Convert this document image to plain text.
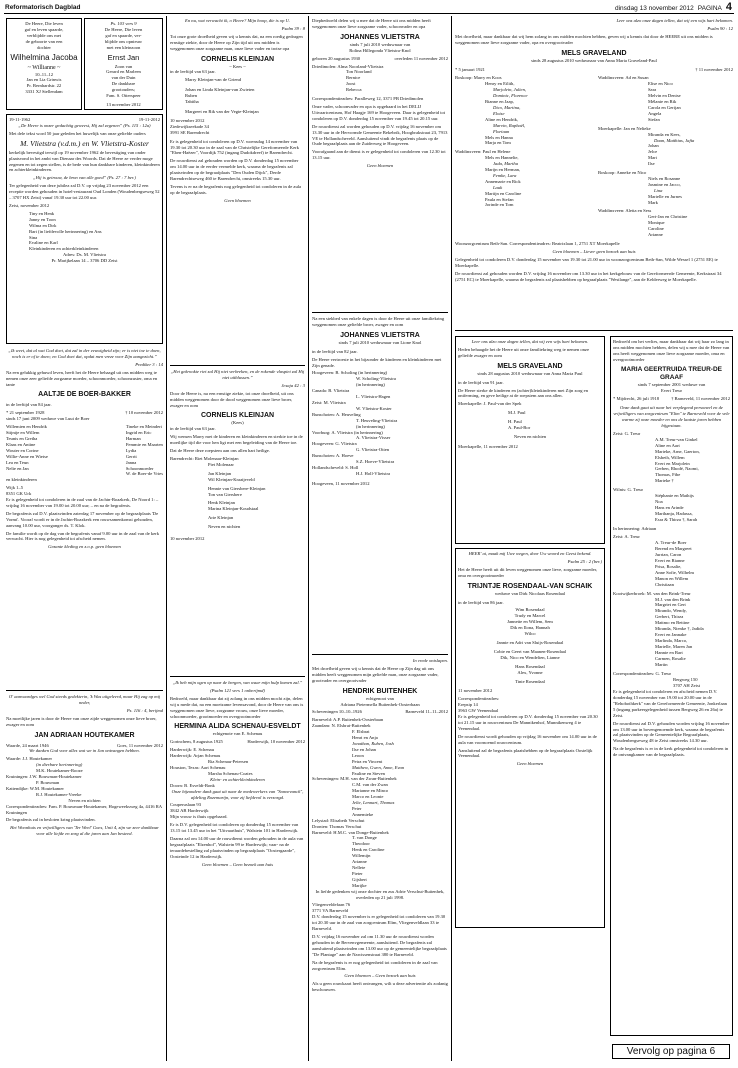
Reformatorisch Dagblad	dinsdag 13 november 2012 PAGINA 4
De Heere, Die leven
gaf en leven spaarde,
verblijdde ons met
de geboorte van een
dochter
Wilhelmina Jacoba
~ Willianne ~
10–11–12
Jan en Lia Grinwis
Pr. Bernhardstr. 22
3331 XJ Stellendam
Ps. 103 vers 9
De Heere, Die leven
gaf en spaarde, ver-
blijdde ons opnieuw
met een kleinzoon
Ernst Jan
Zoon van
Gerard en Marleen
van der Duin
De dankbare
grootouders;
Fam. S. Otterspeer
13 november 2012
19-11-1962	19-11-2012

„De Heere is onzer gedachtig geweest, Hij zal zegenen” (Ps. 115 : 12a)

Met dele tekst word 50 jaar geleden het huwelijk van onze geliefde ouders

M. Vlietstra (v.d.m.) en W. Vlietstra-Koster

kerkelijk bevestigd terwijl op 19 november 1962 de bevestiging van onder plaatsvond in het ambt van Dienaar des Woords. Dat de Heere ze verder moge zegenen en tot zegen stellen, is de bede van hun dankbare kinderen, kleinkinderen en achterkleinkinderen.

„Hij is getrouw, de bron van alle goed” (Ps. 27 : 7 ber.)

Ter gelegenheid van deze jubilea zal D.V. op vrijdag 23 november 2012 een receptie worden gehouden in hotel-restaurant Oud Londen (Woudenbergseweg 52 – 3707 HX Zeist) vanaf 19.30 uur tot 22.00 uur.

Zeist, november 2012

Tiny en Henk
Janny en Toon
Wilma en Dirk
Bart (in liefdevolle herinnering) en Ans
Sina
Evaline en Karl
Kleinkinderen en achterkleinkinderen
Adres: Ds. M. Vlietstra
Pr. Marijkelaan 14 – 3706 DD Zeist

„Ik weet, dat al wat God doet, dat zal in der eeuwigheid zijn; er is niet toe te doen, noch is er of te doen; en God doet dat, opdat men vreze voor Zijn aangezicht.”

Prediker 3 : 14

Na een gelukkig gehuwd leven, heeft het de Heere behaagd uit ons midden weg te nemen onze zeer geliefde zorgzame moeder, schoonmoeder, schoonzuster, oma en tante

AALTJE DE BOER-BAKKER

in de leeftijd van 84 jaar.

* 21 september 1928	† 10 november 2012

sinds 17 juni 2009 weduwe van Luut de Boer

Willemien en Hendrik
Stijntje en Willem
Teunis en Gretha
Klaas en Antine
Wouter en Corine
Willie-Anne en Wietse
Lea en Teun
Nelie en Jan
Tineke en Meindert
Ingrid en Eric
Harman
Femmie en Maarten
Lydia
Gerrit
Janna
Schoonmoeder
W. de Boer-de Vries

en kleinkinderen

Wijk 1–5
8351 GK Urk

Er is gelegenheid tot condoleren in de zaal van de Jachin-Boazkerk, De Noord 1: – vrijdag 16 november van 19.00 tot 20.00 uur; – en na de begrafenis.

De begrafenis zal D.V. plaatsvinden zaterdag 17 november op de begraafplaats 'De Vormt'. Vooraf wordt er in de Jachin-Boazkerk een rouwsamenkomst gehouden, aanvang 10.00 uur, voorganger ds. T. Klok.

De familie wordt op de dag van de begrafenis vanaf 9.00 uur in de zaal van de kerk verwacht. Hier is nog gelegenheid tot afscheid nemen.

Gezante kleding en z.o.p. geen bloemen

O' aanvaardges wel God steeds gedekterin, 'k Was uitgeleerd, maar Hij zag op mij neder,

Ps. 116 : 4, berijmd

Na moeilijke jaren is door de Heere van onze zijde weggenomen onze lieve broer, zwager en oom

JAN ADRIAAN HOUTEKAMER
Waarde, 24 maart 1946	Goes, 11 november 2012

We danken God voor alles wat we in Jan ontvangen hebben.

Waarde: J.J. Houtekamer
(in dierbare herinnering)
M.K. Houtekamer-Rooze
Kruiningen: J.W. Bouwman-Houtekamer
P. Bouwman
Kattendijke: W.M. Houtekamer
R.J. Houtekamer-Vreeke
Neven en nichten

Correspondentieadres: Fam. P. Bouwman-Houtekamer, Hogeweeksweg 4a, 4416 RA Kruiningen

De begrafenis zal in besloten kring plaatsvinden.

Het Woonhuis en vrijwilligers van 'Ter Weel' Goes, Unit 4, zijn we zeer dankbaar voor alle liefde en zorg al die jaren aan Jan besteed.

En nu, wat verwacht ik, o Heere? Mijn hoop, die is op U.

Psalm 39 : 8

Tot onze grote droefheid geven wij u kennis dat, na een roedig gedragen ernstige ziekte, door de Heere op Zijn tijd uit ons midden is weggenomen onze zorgzame man, onze lieve vader en trotse opa

CORNELIS KLEINJAN
~ Kees ~

in de leeftijd van 63 jaar.

Marry Kleinjan-van de Griend
Johan en Linda Kleinjan-van Zwieten
Ruben
Tabitha
Margreet en Rik van der Vegte-Kleinjan
10 november 2012
Ziedewijkseekade 34
3991 SE Barendrecht

Er is gelegenheid tot condoleren op D.V. woensdag 14 november van 19.30 tot 20.30 uur in de zaal van de Christelijke Gereformeerde Kerk "Eben-Haëzer", Voordijk 752 (ingang Dudokdreef) te Barendrecht.

De rouwdienst zal gehouden worden op D.V. donderdag 15 november om 14.00 uur in de eerder vermelde kerk, waarna de begrafenis zal plaatsvinden op de begraafplaats "Den Ouden Dijck", Derde Barendrechtseweg 460 te Barendrecht, omstreeks 15.30 uur.

Tevens is er na de begrafenis nog gelegenheid tot condoleren in de aula op de begraafplaats.

Geen bloemen

„Het gekrookte riet zal Hij niet verbreken, en de rokende vlaspiet zal Hij niet uitblussen.”

Jesaja 42 : 3

Door de Heere is, na een ernstige ziekte, tot onze droefheid, uit ons midden weggenomen door de dood weggenomen onze lieve broer, zwager en oom

CORNELIS KLEINJAN
(Kees)

in de leeftijd van 63 jaar.

Wij wensen Marry met de kinderen en kleinkinderen en sterkte toe in de moeilijke tijd die voor hen ligt met een begeleiding van de Heere toe.

Dat de Heere deze roepstem aan ons allen hart heilige.

Barendrecht: Riet Molenaar-Kleinjan
Piet Molenaar
Jan Kleinjan
Wil Kleinjan-Kraaijeveld
Hennie van Giersbere-Kleinjan
Ton van Giersbere
Henk Kleinjan
Marina Kleinjan-Koudstaal
Arie Kleinjan
Neven en nichten

10 november 2012

„Ik heb mijn ogen op naar de bergen, van waar mijn hulp komen zal.”

(Psalm 121 vers 1 onberijmd)

Bedroefd, maar dankbaar dat zij zolang in ons midden mocht zijn, delen wij u mede dat, na een moeizame levensavond, door de Heere van ons is weggenomen onze lieve, zorgzame vrouw, onze lieve moeder, schoonmoeder, grootmoeder en overgrootmoeder

HERMINA ALIDA SCHENAU-ESVELDT
echtgenote van E. Schenau
Gorinchem, 8 augustus 1925	Harderwijk, 10 november 2012
Harderwijk: E. Schenau
Harderwijk: Arjan Schenau
Ria Schenau-Petersen
Houston, Texas: Aart Schenau
Marsha Schenau-Coates
Klein- en achterkleinkinderen
Doorn: B. Esveldt-Bonk

Onze bijzondere dank gaat uit naar de medewerkers van "Sonnevanck", afdeling Rozemarijn, voor zij liefdevol is verzorgd.

Couperuslaan 93
3842 AB Harderwijk

Mijn vrouw is thuis opgebaard.

Er is D.V. gelegenheid tot condoleren op donderdag 15 november van 13.15 tot 13.45 uur in het "Uitvaarthuis", Walstein 101 in Harderwijk.

Daarna zal om 14.00 uur de rouwdienst worden gehouden in de aula van begraafplaats "Elzenhof", Walstein 99 te Harderwijk; vaar- na de teraardebestelling zal plaatsvinden op begraafplaats "Oostergaarde", Oosteinde 12 in Harderwijk.

Geen bloemen – Geen bezoek aan huis

Diepbedroefd delen wij u mee dat de Heere uit ons midden heeft weggenomen onze lieve zorgzame vader, schoonvader en opa

JOHANNES VLIETSTRA
sinds 7 juli 2010 weduwnaar van
Rolina Hillegonda Vlietstra-Knol
geboren 20 augustus 1930	overleden 11 november 2012
Driedimolen: Alma Noorland-Vlietstra
Ton Noorland
Bernice
Joost
Rebecca

Correspondentieadres: Paralleweg 12, 3371 PB Driedimolen

Onze vader, schoonvader en opa is opgebaard in het DELIJ Uitvaartcentrum, Hof Haagje 169 te Hoogeveen. Daar is gelegenheid tot condoleren op D.V. donderdag 15 november van 19.45 tot 20.15 uur.

De rouwdienst zal worden gehouden op D.V. vrijdag 16 november om 13.30 uur in de Hervormde Gemeente Bekebrik, Hoogbrakstraat 23, 7913 VE te Hollandscheveld. Aansluitend vindt de begrafenis plaats op de Oude begraafplaats aan de Zuiderweg te Hoogeveen.

Voorafgaand aan de dienst is er gelegenheid tot condoleren van 12.30 tot 13.15 uur.

Geen bloemen

Na een stekbed van enkele dagen is door de Heere uit onze familiekring weggenomen onze geliefde broer, zwager en oom

JOHANNES VLIETSTRA
sinds 7 juli 2010 weduwnaar van Lione Knol

in de leeftijd van 82 jaar.

De Heere vertroeste in het bijzonder de kinderen en kleinkinderen met Zijn genade.

Hoogeveen: B. Scholing (in herinnering)
W. Scholing-Vlietstra
(in herinnering)
Canada: B. Vlietstra
L. Vlietstra-Hagen
Zeist: M. Vlietstra
W. Vlietstra-Koster
Bunschoten: A. Heuveling
T. Heuveling-Vlietstra
(in herinnering)
Voorburg: A. Vlietstra (in herinnering)
A. Vlietstra-Visser
Hoogeveen: G. Vlietstra
G. Vlietstra-Otten
Bunschoten: A. Hoeve
S.Z. Hoeve-Vlietstra
Hollandscheveld: S. Holl
H.J. Holl-Vlietstra

Hoogeveen, 11 november 2012

In vrede ontslapen.

Met droefheid geven wij u kennis dat de Heere op Zijn dag uit ons midden heeft weggenomen mijn geliefde man, onze zorgzame vader, grootvader en overgrootvader

HENDRIK BUITENHEK
echtgenoot van
Adriana Pietermella Buitenhek-Oosterbaan
Scheveningen 10–10–1926	Barneveld 11–11–2012
Barneveld: A.P. Buitenhek-Oosterbaan
Zaandam: N. Elsbrat-Buitenhek
F. Elsbrat
Henri en Anja
Jonathan, Ruben, Josh
Ilse en Johan
Leoon
Petra en Vincent
Matthew, Gwen, Anne, Evan
Pauline en Steven
Scheveningen: M.H. van der Zwan-Buitenhek
C.M. van der Zwan
Marianne en Minco
Marco en Leonie
Jelte, Lennart, Thomas
Peter
Annemieke
Lelystad: Elisabeth Verschut
Dronten: Thomas Verschut
Barneveld: H.M.C. van Donge-Buitenhek
T. van Donge
Theodoor
Henk en Caroline
Willemijn
Arianne
Nellete
Pieter
Gijsbert
Marijke

In liefde gedenken wij onze dochter en zus Adrie Verschut-Buitenhek, overleden op 21 juli 1998.

Vliegenveldefaan 76
3771 VA Barneveld

D.V. donderdag 15 november is er gelegenheid tot condoleren van 19.30 tot 20.30 uur in de zaal van zorgcentrum Elim, Vliegenveldlaan 33 te Barneveld.

D.V. vrijdag 16 november zal om 11.30 uur de rouwdienst worden gehouden in de Bervenvgemeente, aansluitend. De begrafenis zal aansluitend plaatsvinden om 13.00 uur op de gemeentelijke begraafplaats "De Plantage" aan de Narcissenstraat 380 te Barneveld.

Na de begrafenis is er nog gelegenheid tot condoleren in de zaal van zorgcentrum Elim.

Geen bloemen – Geen bezoek aan huis

Als u geen rouwkaart heeft ontvangen, wilt u deze advertentie als zodanig beschouwen.

Leer ons alzo onze dagen tellen, dat wij een wijs hart bekomen.

Psalm 90 : 12

Met droefheid, maar dankbaar dat wij hem zolang in ons midden mochten hebben, geven wij u kennis dat door de HEERE uit ons midden is weggenomen onze lieve zorgzame vader, opa en overgrootvader

MELS GRAVELAND
sinds 28 augustus 2010 weduwnaar van Anna Maria Graveland-Paul
* 5 januari 1921	† 11 november 2012
Boskoop: Marry en Koos
Henry en Eilith,
Marjolein, Julien,
Dominic, Florence
Bianne en Jaap,
Dico, Martina,
Eloise
Aline en Hendrik,
Marvin, Raphaël,
Floriaan
Mels en Hanna
Marja en Tom
Waddinxveen: Paul en Helene
Mels en Hannelie,
Jada, Martha
Marijn en Herman,
Femke, Lara
Annemarie en Rick
Lauk
Martijn en Caroline
Paula en Stefan
Jorinde en Tom
Waddinxveen: Ad en Susan
Elise en Nico
Sara
Melvin en Denise
Mélanie en Rik
Carola en Gerijan
Angela
Stefan
Moerkapelle: Jan en Nelieke
Miranda en Kees,
Daan, Matthias, Jafta
Johan
Jelce
Mart
Ilse
Boskoop: Anneke en Nico
Niels en Rosanne
Jasmine en Jacco,
Lina
Marielle en Jurnes
Mark
Waddinxveen: Aletta en Sess
Gert-Jan en Christine
Monique
Caroline
Arianne

Woonzorgcentrum Beth-San. Correspondentieadres: Beatrixlaan 1, 2751 XT Moerkapelle

Geen bloemen – Liever geen bezoek aan huis

Gelegenheid tot condoleren D.V. donderdag 15 november van 19.30 tot 21.00 uur in woonzorgcentrum Beth-San, Wilde Wessel 1 (2751 EE) te Moerkapelle.

De rouwdienst zal gehouden worden D.V. vrijdag 16 november om 13.30 uur in het kerkgebouw van de Gereformeerde Gemeente, Kerkstraat 34 (2751 EC) te Moerkapelle, waarna de begrafenis zal plaatshebben op begraafplaats "Westlange", aan de Kelderweg te Moerkapelle.

Leer ons alzo onze dagen tellen, dat wij een wijs hart bekomen.

Heden behaagde het de Heere uit onze familiekring weg te nemen onze geliefde zwager en oom

MELS GRAVELAND
sinds 28 augustus 2010 weduwnaar van Anna Maria Paul

in de leeftijd van 91 jaar.

De Heere sterke de kinderen en (achter)kleinkinderen met Zijn zorg en ontferming, en geve heilige at de roepstem aan ons allen.

Moerkapelle: J. Paul-van der Spek
M.J. Paul
H. Paul
A. Paul-Bor
Neven en nichten

Moerkapelle, 11 november 2012

HEER' ai, maak mij Uwe wegen, door Uw woord en Geest bekend.

Psalm 25 : 2 (ber.)

Het de Heere heeft uit dit leven weggenomen onze lieve, zorgzame moeder, oma en overgrootmoeder

TRIJNTJE ROSENDAAL-VAN SCHAIK
weduwe van Dirk Nicolaas Rosendaal

in de leeftijd van 86 jaar.

Wim Rosendaal
Trudy en Marcel
Jannette en Willem, Sem
Dik en Ilona, Hannah
Wilco
Jannie en Adri van Sluijs-Rosendaal
Cobie en Geert van Maanen-Rosendaal
Dik, Nico en Wendelien, Lianne
Hans Rosendaal
Alex, Yvonne
Tinie Rosendaal

11 november 2012

Correspondentieadres:
Erepsip 14
3963 GW Veenendaal

Er is gelegenheid tot condoleren op D.V. donderdag 15 november van 20.30 tot 21.15 uur in rouwcentrum De Mannikenhof, Munnikenweg 4 te Veenendaal.

De rouwdienst wordt gehouden op vrijdag 16 november om 14.00 uur in de aula van voornoemd rouwcentrum.

Aansluitend zal de begrafenis plaatshebben op de begraafplaats Oostelijk Veenendaal.

Geen bloemen

Bedroefd om het verlies, maar dankbaar dat wij haar zo lang in ons midden mochten hebben, delen wij u mee dat de Heere van ons heeft weggenomen onze lieve zorgzame moeder, oma en overgrootmoeder

MARIA GEERTRUIDA TREUR-DE GRAAF
sinds 7 september 2001 weduwe van
Evert Treur
* Mijdrecht, 26 juli 1918	† Barneveld, 11 november 2012

Onze dank gaat uit naar het verplegend personeel en de vrijwilligers van zorgcentrum "Elim" te Barneveld voor de vele warme zij onze moeder en ons de laatste jaren hebben bijgestaan.

Zeist: G. Treur
A.M. Treur-van Ginkel
Aline en Aart
Marieke, Arne, Gaerton,
Elsbeth, Willem
Evert en Marjolein
Gerben, Rhodé, Naomi,
Thomas, Fibe
Marieke †
Wilnis: G. Treur
Stéphanie en Mathijs
Noa
Hans en Arinde
Marthanja, Hadassa,
Esra & Thirza †, Sarah
In herinnering: Adriaan
Zeist: A. Treur
A. Treur-de Boer
Berend en Margreet
Jurrian, Caron
Evert en Rianne
Prisa, Rosalie,
Anne Sofie, Wilhelm
Manon en Willem
Christiaan
Kootwijkerbroek: M. van den Brink-Treur
M.J. van den Brink
Margriet en Gert
Mirando, Wendy,
Gerbert, Thirza
Mattmo en Bettine
Miranda, Nienke †, Jadida
Evert en Jannake
Marlinda, Marco,
Marielle, Maren Jan
Hannie en Bart
Carmen, Rosalie
Martin
Correspondentieadres: G. Treur
Bergweg 150
3707 AH Zeist

Er is gelegenheid tot condoleren en afscheid nemen D.V. donderdag 15 november van 19.00 tot 20.00 uur in de "Rehobothkerk" van de Gereformeerde Gemeente, Jonkerlaan 5 (ingang parkeergelegenheid tussen Bergweg 26 en 26a) te Zeist.

De rouwdienst zal D.V. gehouden worden vrijdag 16 november om 13.00 uur in bovengenoemde kerk, waarna de begrafenis zal plaatsvinden op de Gemeentelijke Begraafplaats, Woudenbergseweg 48 te Zeist omstreeks 14.30 uur.

Na de begrafenis is er in de kerk gelegenheid tot condoleren in de ontvangkamer van de begraafplaats.

Vervolg op pagina 6
